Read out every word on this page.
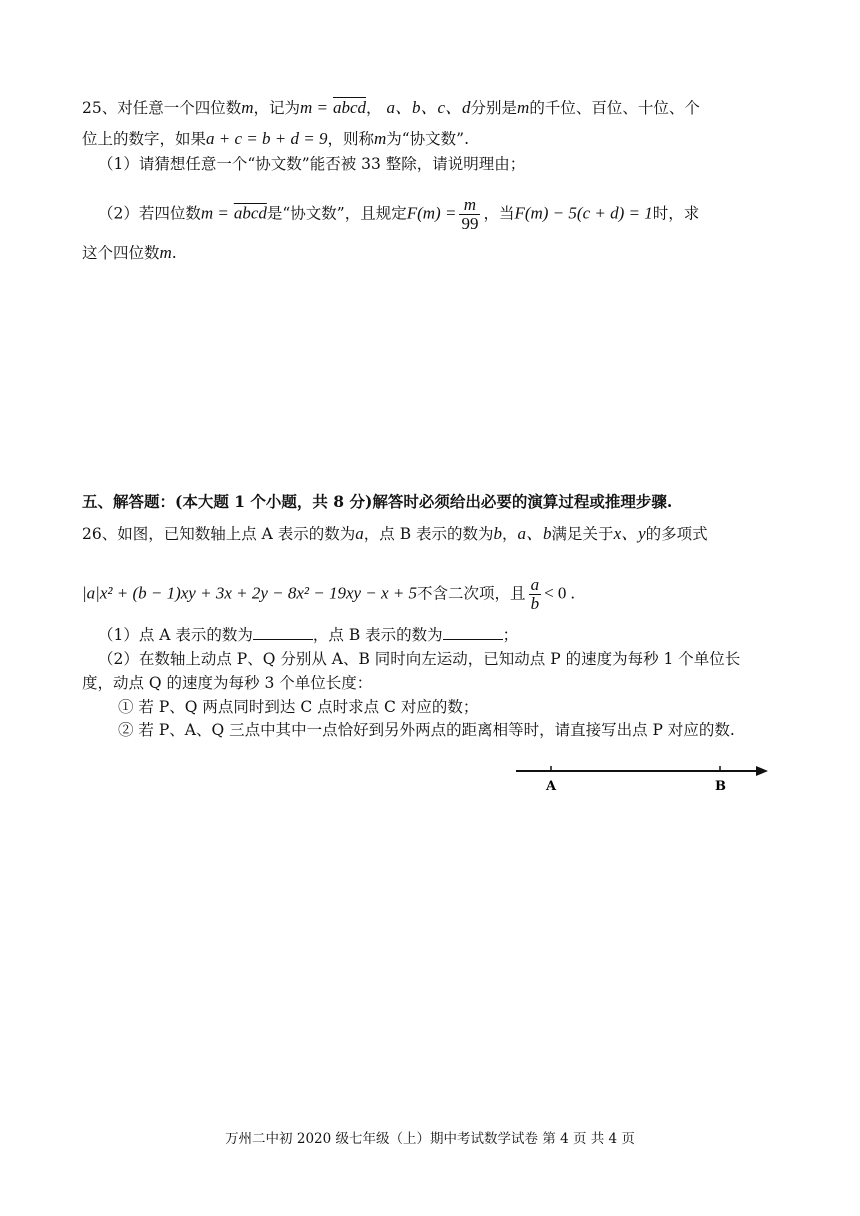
25、对任意一个四位数m，记为m = abcd， a、b、c、d分别是m的千位、百位、十位、个
位上的数字，如果a + c = b + d = 9，则称m为“协文数”.
（1）请猜想任意一个“协文数”能否被 33 整除，请说明理由；
（2）若四位数m = abcd是“协文数”，且规定$F(m) = \frac{m}{99}$ ，当F(m) − 5(c + d) = 1时，求
这个四位数m.
五、解答题：(本大题 1 个小题，共 8 分)解答时必须给出必要的演算过程或推理步骤.
26、如图，已知数轴上点 A 表示的数为a，点 B 表示的数为b，a、b满足关于x、y的多项式
|a|x² + (b − 1)xy + 3x + 2y − 8x² − 19xy − x + 5不含二次项，且 $\frac{a}{b} < 0$ .
（1）点 A 表示的数为	，点 B 表示的数为	；
（2）在数轴上动点 P、Q 分别从 A、B 同时向左运动，已知动点 P 的速度为每秒 1 个单位长
度，动点 Q 的速度为每秒 3 个单位长度：
① 若 P、Q 两点同时到达 C 点时求点 C 对应的数；
② 若 P、A、Q 三点中其中一点恰好到另外两点的距离相等时，请直接写出点 P 对应的数.
A	B
万州二中初 2020 级七年级（上）期中考试数学试卷 第 4 页 共 4 页
